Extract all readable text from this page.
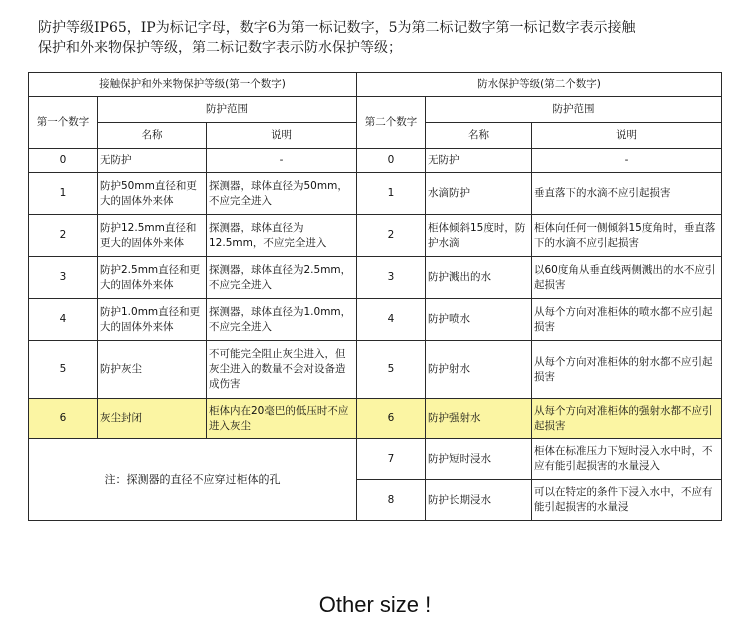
防护等级IP65，IP为标记字母，数字6为第一标记数字，5为第二标记数字第一标记数字表示接触
保护和外来物保护等级，第二标记数字表示防水保护等级；
接触保护和外来物保护等级(第一个数字)			防水保护等级(第二个数字)		
第一个数字	防护范围		第二个数字	防护范围	
	名称	说明		名称	说明
0	无防护	-	0	无防护	-
1	防护50mm直径和更大的固体外来体	探测器，球体直径为50mm，不应完全进入	1	水滴防护	垂直落下的水滴不应引起损害
2	防护12.5mm直径和更大的固体外来体	探测器，球体直径为12.5mm，不应完全进入	2	柜体倾斜15度时，防护水滴	柜体向任何一侧倾斜15度角时，垂直落下的水滴不应引起损害
3	防护2.5mm直径和更大的固体外来体	探测器，球体直径为2.5mm，不应完全进入	3	防护溅出的水	以60度角从垂直线两侧溅出的水不应引起损害
4	防护1.0mm直径和更大的固体外来体	探测器，球体直径为1.0mm，不应完全进入	4	防护喷水	从每个方向对准柜体的喷水都不应引起损害
5	防护灰尘	不可能完全阻止灰尘进入，但灰尘进入的数量不会对设备造成伤害	5	防护射水	从每个方向对准柜体的射水都不应引起损害
6	灰尘封闭	柜体内在20毫巴的低压时不应进入灰尘	6	防护强射水	从每个方向对准柜体的强射水都不应引起损害
注：探测器的直径不应穿过柜体的孔			7	防护短时浸水	柜体在标准压力下短时浸入水中时，不应有能引起损害的水量浸入
			8	防护长期浸水	可以在特定的条件下浸入水中，不应有能引起损害的水量浸
Other size !
